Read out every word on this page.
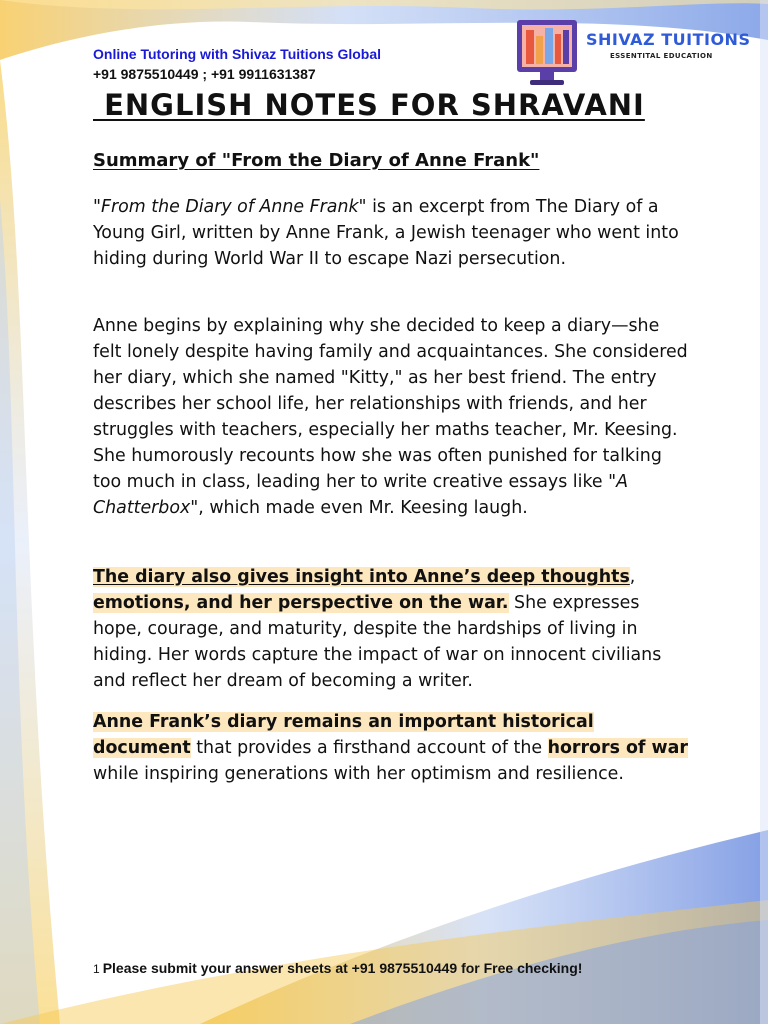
Online Tutoring with Shivaz Tuitions Global
+91 9875510449 ; +91 9911631387
SHIVAZ TUITIONS
ESSENTITAL EDUCATION
ENGLISH NOTES FOR SHRAVANI
Summary of "From the Diary of Anne Frank"

"From the Diary of Anne Frank" is an excerpt from The Diary of a Young Girl, written by Anne Frank, a Jewish teenager who went into hiding during World War II to escape Nazi persecution.

Anne begins by explaining why she decided to keep a diary—she felt lonely despite having family and acquaintances. She considered her diary, which she named "Kitty," as her best friend. The entry describes her school life, her relationships with friends, and her struggles with teachers, especially her maths teacher, Mr. Keesing. She humorously recounts how she was often punished for talking too much in class, leading her to write creative essays like "A Chatterbox", which made even Mr. Keesing laugh.

The diary also gives insight into Anne’s deep thoughts, emotions, and her perspective on the war. She expresses hope, courage, and maturity, despite the hardships of living in hiding. Her words capture the impact of war on innocent civilians and reflect her dream of becoming a writer.

Anne Frank’s diary remains an important historical document that provides a firsthand account of the horrors of war while inspiring generations with her optimism and resilience.

1 Please submit your answer sheets at +91 9875510449 for Free checking!
